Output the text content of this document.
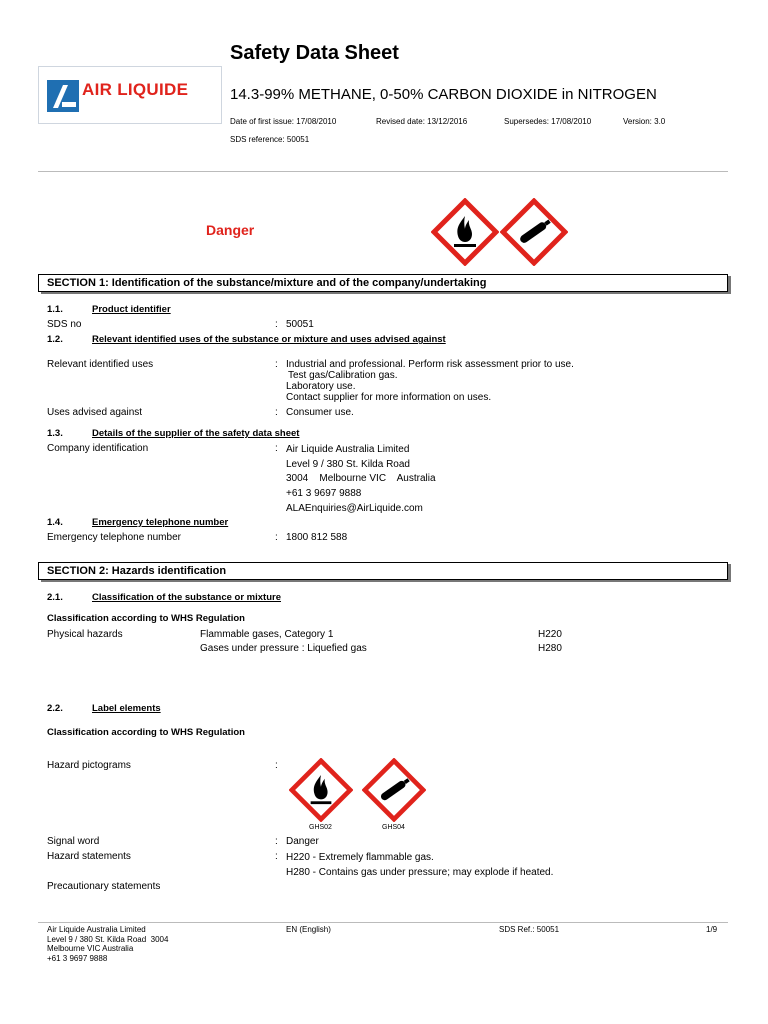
AIR LIQUIDE
Safety Data Sheet
14.3-99% METHANE, 0-50% CARBON DIOXIDE in NITROGEN
Date of first issue: 17/08/2010	Revised date: 13/12/2016	Supersedes: 17/08/2010	Version: 3.0
SDS reference: 50051
Danger
SECTION 1: Identification of the substance/mixture and of the company/undertaking
1.1.	Product identifier
SDS no	: 50051
1.2.	Relevant identified uses of the substance or mixture and uses advised against
Relevant identified uses	: Industrial and professional. Perform risk assessment prior to use.
Test gas/Calibration gas.
Laboratory use.
Contact supplier for more information on uses.
Uses advised against	: Consumer use.
1.3.	Details of the supplier of the safety data sheet
Company identification	: Air Liquide Australia Limited
Level 9 / 380 St. Kilda Road
3004    Melbourne VIC    Australia
+61 3 9697 9888
ALAEnquiries@AirLiquide.com
1.4.	Emergency telephone number
Emergency telephone number	: 1800 812 588
SECTION 2: Hazards identification
2.1.	Classification of the substance or mixture
Classification according to WHS Regulation
Physical hazards	Flammable gases, Category 1	H220
Gases under pressure : Liquefied gas	H280
2.2.	Label elements
Classification according to WHS Regulation
Hazard pictograms	:
GHS02	GHS04
Signal word	: Danger
Hazard statements	: H220 - Extremely flammable gas.
H280 - Contains gas under pressure; may explode if heated.
Precautionary statements
Air Liquide Australia Limited
Level 9 / 380 St. Kilda Road  3004
Melbourne VIC Australia
+61 3 9697 9888
EN (English)	SDS Ref.: 50051	1/9
